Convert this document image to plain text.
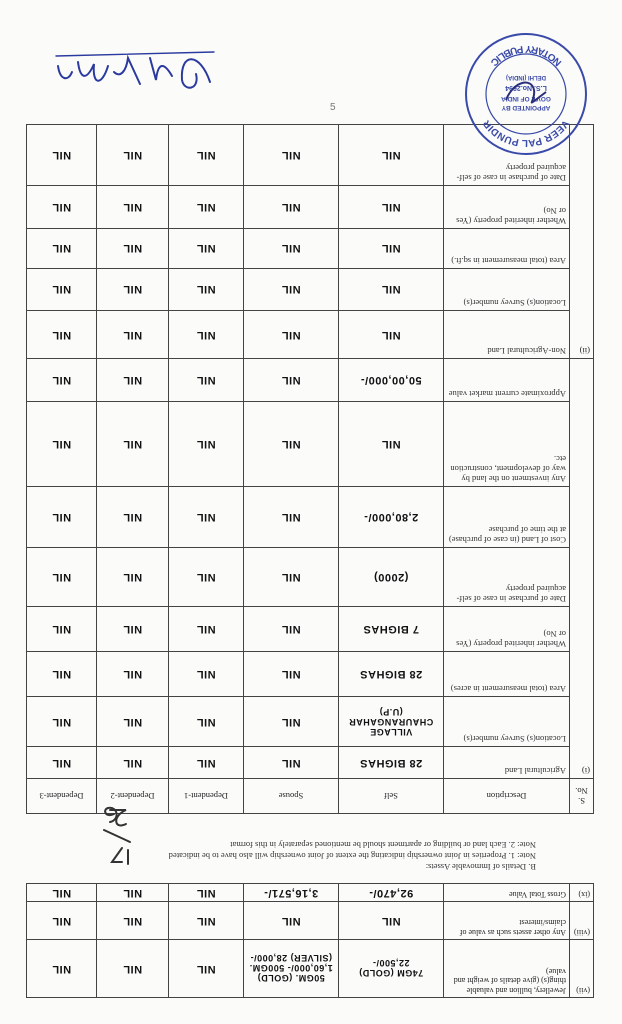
(vii)	Jewellery, bullion and valuable thing(s) (give details of weight and value)	74GM (GOLD) 22,500/-	50GM. (GOLD) 1,60,000/- 500GM.(SILVER) 28,000/-	NIL	NIL	NIL
(viii)	Any other assets such as value of claims/interest	NIL	NIL	NIL	NIL	NIL
(ix)	Gross Total Value	92,470/-	3,16,571/-	NIL	NIL	NIL
B. Details of Immovable Assets:
Note: 1. Properties in Joint ownership indicating the extent of Joint ownership will also have to be indicated
Note: 2. Each land or building or apartment should be mentioned separately in this format
S. No.	Description	Self	Spouse	Dependent-1	Dependent-2	Dependent-3
(i)	Agricultural Land	28 BIGHAS	NIL	NIL	NIL	NIL
	Location(s) Survey number(s)	VILLAGE CHAURANGAHAR (U.P)	NIL	NIL	NIL	NIL
	Area (total measurement in acres)	28 BIGHAS	NIL	NIL	NIL	NIL
	Whether inherited property (Yes or No)	7 BIGHAS	NIL	NIL	NIL	NIL
	Date of purchase in case of self-acquired property	(2000)	NIL	NIL	NIL	NIL
	Cost of Land (in case of purchase) at the time of purchase	2,80,000/-	NIL	NIL	NIL	NIL
	Any investment on the land by way of development, construction etc.	NIL	NIL	NIL	NIL	NIL
	Approximate current market value	50,00,000/-	NIL	NIL	NIL	NIL
(ii)	Non-Agricultural Land	NIL	NIL	NIL	NIL	NIL
	Location(s) Survey number(s)	NIL	NIL	NIL	NIL	NIL
	Area (total measurement in sq.ft.)	NIL	NIL	NIL	NIL	NIL
	Whether inherited property (Yes or No)	NIL	NIL	NIL	NIL	NIL
	Date of purchase in case of self-acquired property	NIL	NIL	NIL	NIL	NIL
5
VEER PAL PUNDIR
NOTARY PUBLIC
APPOINTED BY
GOVT. OF INDIA
L.S. No.2694
DELHI (INDIA)
